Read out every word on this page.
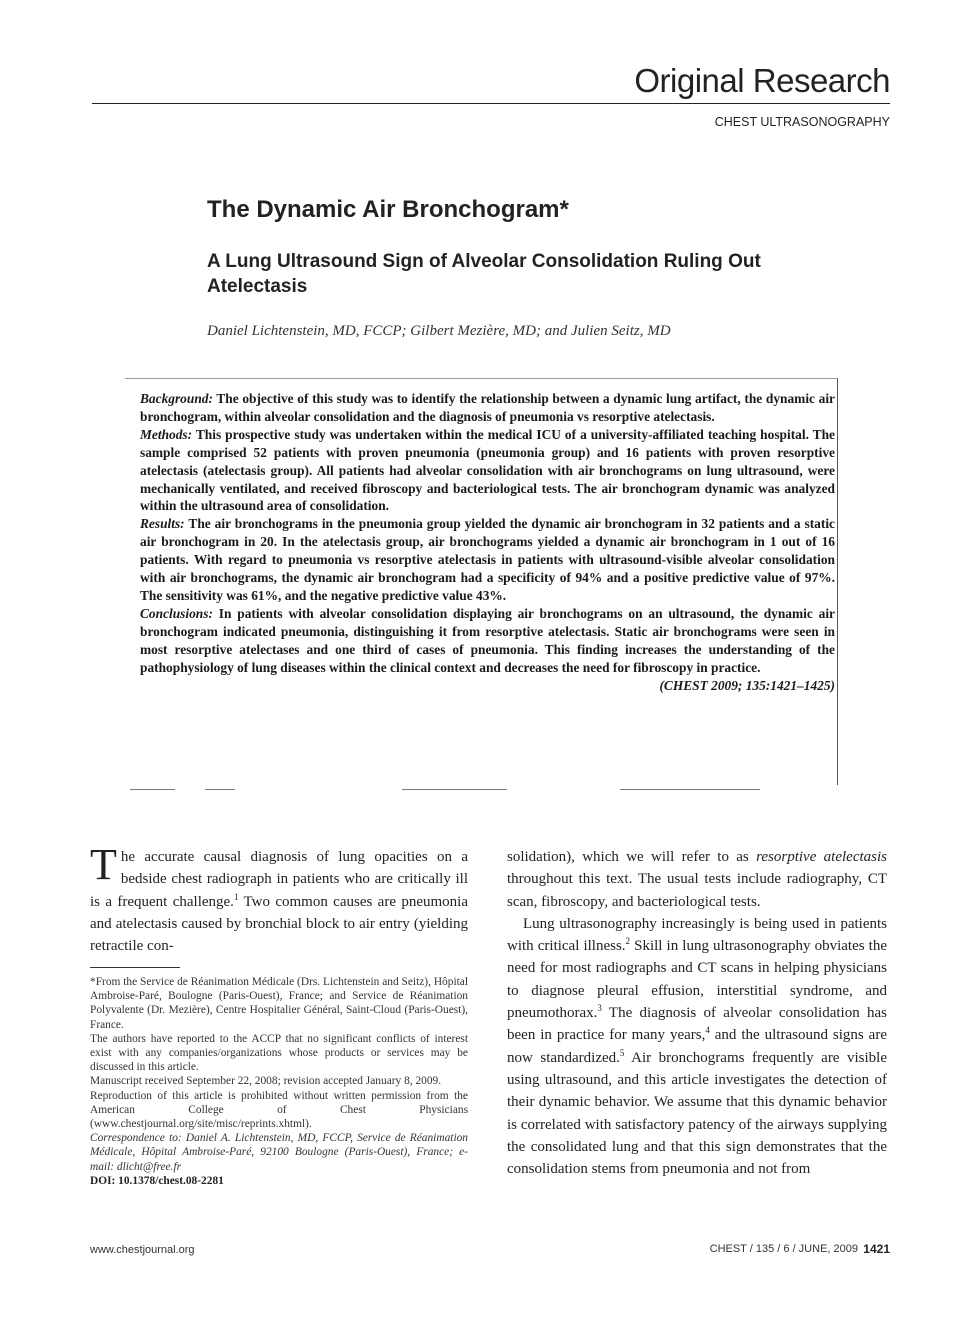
Original Research
CHEST ULTRASONOGRAPHY
The Dynamic Air Bronchogram*
A Lung Ultrasound Sign of Alveolar Consolidation Ruling Out Atelectasis
Daniel Lichtenstein, MD, FCCP; Gilbert Mezière, MD; and Julien Seitz, MD

Background: The objective of this study was to identify the relationship between a dynamic lung artifact, the dynamic air bronchogram, within alveolar consolidation and the diagnosis of pneumonia vs resorptive atelectasis.

Methods: This prospective study was undertaken within the medical ICU of a university-affiliated teaching hospital. The sample comprised 52 patients with proven pneumonia (pneumonia group) and 16 patients with proven resorptive atelectasis (atelectasis group). All patients had alveolar consolidation with air bronchograms on lung ultrasound, were mechanically ventilated, and received fibroscopy and bacteriological tests. The air bronchogram dynamic was analyzed within the ultrasound area of consolidation.

Results: The air bronchograms in the pneumonia group yielded the dynamic air bronchogram in 32 patients and a static air bronchogram in 20. In the atelectasis group, air bronchograms yielded a dynamic air bronchogram in 1 out of 16 patients. With regard to pneumonia vs resorptive atelectasis in patients with ultrasound-visible alveolar consolidation with air bronchograms, the dynamic air bronchogram had a specificity of 94% and a positive predictive value of 97%. The sensitivity was 61%, and the negative predictive value 43%.

Conclusions: In patients with alveolar consolidation displaying air bronchograms on an ultrasound, the dynamic air bronchogram indicated pneumonia, distinguishing it from resorptive atelectasis. Static air bronchograms were seen in most resorptive atelectases and one third of cases of pneumonia. This finding increases the understanding of the pathophysiology of lung diseases within the clinical context and decreases the need for fibroscopy in practice.

(CHEST 2009; 135:1421–1425)

The accurate causal diagnosis of lung opacities on a bedside chest radiograph in patients who are critically ill is a frequent challenge.$^1$ Two common causes are pneumonia and atelectasis caused by bronchial block to air entry (yielding retractile con-

*From the Service de Réanimation Médicale (Drs. Lichtenstein and Seitz), Hôpital Ambroise-Paré, Boulogne (Paris-Ouest), France; and Service de Réanimation Polyvalente (Dr. Mezière), Centre Hospitalier Général, Saint-Cloud (Paris-Ouest), France.

The authors have reported to the ACCP that no significant conflicts of interest exist with any companies/organizations whose products or services may be discussed in this article.

Manuscript received September 22, 2008; revision accepted January 8, 2009.

Reproduction of this article is prohibited without written permission from the American College of Chest Physicians (www.chestjournal.org/site/misc/reprints.xhtml).

Correspondence to: Daniel A. Lichtenstein, MD, FCCP, Service de Réanimation Médicale, Hôpital Ambroise-Paré, 92100 Boulogne (Paris-Ouest), France; e-mail: dlicht@free.fr

DOI: 10.1378/chest.08-2281

solidation), which we will refer to as resorptive atelectasis throughout this text. The usual tests include radiography, CT scan, fibroscopy, and bacteriological tests.

Lung ultrasonography increasingly is being used in patients with critical illness.$^2$ Skill in lung ultrasonography obviates the need for most radiographs and CT scans in helping physicians to diagnose pleural effusion, interstitial syndrome, and pneumothorax.$^3$ The diagnosis of alveolar consolidation has been in practice for many years,$^4$ and the ultrasound signs are now standardized.$^5$ Air bronchograms frequently are visible using ultrasound, and this article investigates the detection of their dynamic behavior. We assume that this dynamic behavior is correlated with satisfactory patency of the airways supplying the consolidated lung and that this sign demonstrates that the consolidation stems from pneumonia and not from

www.chestjournal.org	CHEST / 135 / 6 / JUNE, 2009 1421
